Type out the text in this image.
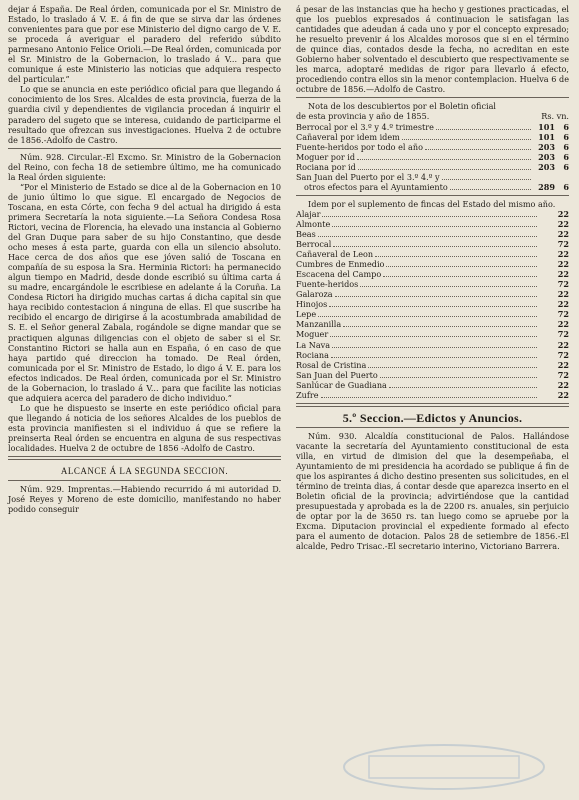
dejar á España. De Real órden, comunicada por el Sr. Ministro de Estado, lo traslado á V. E. á fin de que se sirva dar las órdenes convenientes para que por ese Ministerio del digno cargo de V. E. se proceda á averiguar el paradero del referido súbdito parmesano Antonio Felice Orioli.—De Real órden, comunicada por el Sr. Ministro de la Gobernacion, lo traslado á V... para que comunique á este Ministerio las noticias que adquiera respecto del particular.”

Lo que se anuncia en este periódico oficial para que llegando á conocimiento de los Sres. Alcaldes de esta provincia, fuerza de la guardia civil y dependientes de vigilancia procedan á inquirir el paradero del sugeto que se interesa, cuidando de participarme el resultado que ofrezcan sus investigaciones. Huelva 2 de octubre de 1856.-Adolfo de Castro.

Núm. 928. Circular.-El Excmo. Sr. Ministro de la Gobernacion del Reino, con fecha 18 de setiembre último, me ha comunicado la Real órden siguiente:

“Por el Ministerio de Estado se dice al de la Gobernacion en 10 de junio último lo que sigue. El encargado de Negocios de Toscana, en esta Córte, con fecha 9 del actual ha dirigido á esta primera Secretaría la nota siguiente.—La Señora Condesa Rosa Rictori, vecina de Florencia, ha elevado una instancia al Gobierno del Gran Duque para saber de su hijo Constantino, que desde ocho meses á esta parte, guarda con ella un silencio absoluto. Hace cerca de dos años que ese jóven salió de Toscana en compañía de su esposa la Sra. Herminia Rictori: ha permanecido algun tiempo en Madrid, desde donde escribió su última carta á su madre, encargándole le escribiese en adelante á la Coruña. La Condesa Rictori ha dirigido muchas cartas á dicha capital sin que haya recibido contestacion á ninguna de ellas. El que suscribe ha recibido el encargo de dirigirse á la acostumbrada amabilidad de S. E. el Señor general Zabala, rogándole se digne mandar que se practiquen algunas diligencias con el objeto de saber si el Sr. Constantino Rictori se halla aun en España, ó en caso de que haya partido qué direccion ha tomado. De Real órden, comunicada por el Sr. Ministro de Estado, lo digo á V. E. para los efectos indicados. De Real órden, comunicada por el Sr. Ministro de la Gobernacion, lo traslado á V... para que facilite las noticias que adquiera acerca del paradero de dicho individuo.”

Lo que he dispuesto se inserte en este periódico oficial para que llegando á noticia de los señores Alcaldes de los pueblos de esta provincia manifiesten si el individuo á que se refiere la preinserta Real órden se encuentra en alguna de sus respectivas localidades. Huelva 2 de octubre de 1856 -Adolfo de Castro.

ALCANCE Á LA SEGUNDA SECCION.

Núm. 929. Imprentas.—Habiendo recurrido á mi autoridad D. José Reyes y Moreno de este domicilio, manifestando no haber podido conseguir

á pesar de las instancias que ha hecho y gestiones practicadas, el que los pueblos expresados á continuacion le satisfagan las cantidades que adeudan á cada uno y por el concepto expresado; he resuelto prevenir á los Alcaldes morosos que si en el término de quince dias, contados desde la fecha, no acreditan en este Gobierno haber solventado el descubierto que respectivamente se les marca, adoptaré medidas de rigor para llevarlo á efecto, procediendo contra ellos sin la menor contemplacion. Huelva 6 de octubre de 1856.—Adolfo de Castro.

Nota de los descubiertos por el Boletin oficial de esta provincia y año de 1855.	Rs. vn.
Berrocal por el 3.º y 4.º trimestre	101	6
Cañaveral por idem idem	101	6
Fuente-heridos por todo el año	203	6
Moguer por id	203	6
Rociana por id	203	6
San Juan del Puerto por el 3.º 4.º y
otros efectos para el Ayuntamiento	289	6

Idem por el suplemento de fincas del Estado del mismo año.

Alajar	22
Almonte	22
Beas	22
Berrocal	72
Cañaveral de Leon	22
Cumbres de Enmedio	22
Escacena del Campo	22
Fuente-heridos	72
Galaroza	22
Hinojos	22
Lepe	72
Manzanilla	22
Moguer	72
La Nava	22
Rociana	72
Rosal de Cristina	22
San Juan del Puerto	72
Sanlúcar de Guadiana	22
Zufre	22
5.º Seccion.—Edictos y Anuncios.

Núm. 930. Alcaldía constitucional de Palos. Hallándose vacante la secretaría del Ayuntamiento constitucional de esta villa, en virtud de dimision del que la desempeñaba, el Ayuntamiento de mi presidencia ha acordado se publique á fin de que los aspirantes á dicho destino presenten sus solicitudes, en el término de treinta dias, á contar desde que aparezca inserto en el Boletin oficial de la provincia; advirtiéndose que la cantidad presupuestada y aprobada es la de 2200 rs. anuales, sin perjuicio de optar por la de 3650 rs. tan luego como se apruebe por la Excma. Diputacion provincial el expediente formado al efecto para el aumento de dotacion. Palos 28 de setiembre de 1856.-El alcalde, Pedro Trisac.-El secretario interino, Victoriano Barrera.
